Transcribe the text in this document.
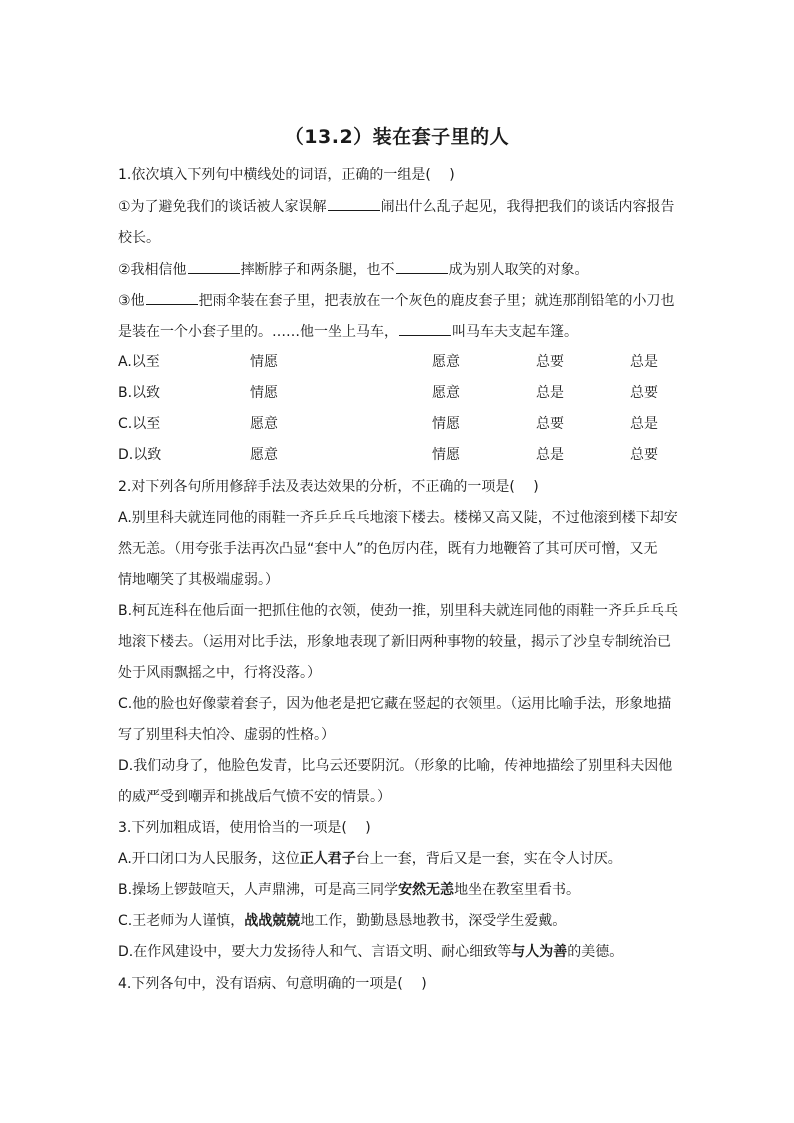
（13.2）装在套子里的人
1.依次填入下列句中横线处的词语，正确的一组是(　 )
①为了避免我们的谈话被人家误解	闹出什么乱子起见，我得把我们的谈话内容报告
校长。
②我相信他	摔断脖子和两条腿，也不	成为别人取笑的对象。
③他	把雨伞装在套子里，把表放在一个灰色的鹿皮套子里；就连那削铅笔的小刀也
是装在一个小套子里的。……他一坐上马车，	叫马车夫支起车篷。
A.以至	情愿	愿意	总要	总是
B.以致	情愿	愿意	总是	总要
C.以至	愿意	情愿	总要	总是
D.以致	愿意	情愿	总是	总要
2.对下列各句所用修辞手法及表达效果的分析，不正确的一项是(　 )
A.别里科夫就连同他的雨鞋一齐乒乒乓乓地滚下楼去。楼梯又高又陡，不过他滚到楼下却安
然无恙。（用夸张手法再次凸显“套中人”的色厉内荏，既有力地鞭笞了其可厌可憎，又无
情地嘲笑了其极端虚弱。）
B.柯瓦连科在他后面一把抓住他的衣领，使劲一推，别里科夫就连同他的雨鞋一齐乒乒乓乓
地滚下楼去。（运用对比手法，形象地表现了新旧两种事物的较量，揭示了沙皇专制统治已
处于风雨飘摇之中，行将没落。）
C.他的脸也好像蒙着套子，因为他老是把它藏在竖起的衣领里。（运用比喻手法，形象地描
写了别里科夫怕冷、虚弱的性格。）
D.我们动身了，他脸色发青，比乌云还要阴沉。（形象的比喻，传神地描绘了别里科夫因他
的威严受到嘲弄和挑战后气愤不安的情景。）
3.下列加粗成语，使用恰当的一项是(　 )
A.开口闭口为人民服务，这位正人君子台上一套，背后又是一套，实在令人讨厌。
B.操场上锣鼓喧天，人声鼎沸，可是高三同学安然无恙地坐在教室里看书。
C.王老师为人谨慎，战战兢兢地工作，勤勤恳恳地教书，深受学生爱戴。
D.在作风建设中，要大力发扬待人和气、言语文明、耐心细致等与人为善的美德。
4.下列各句中，没有语病、句意明确的一项是(　 )
